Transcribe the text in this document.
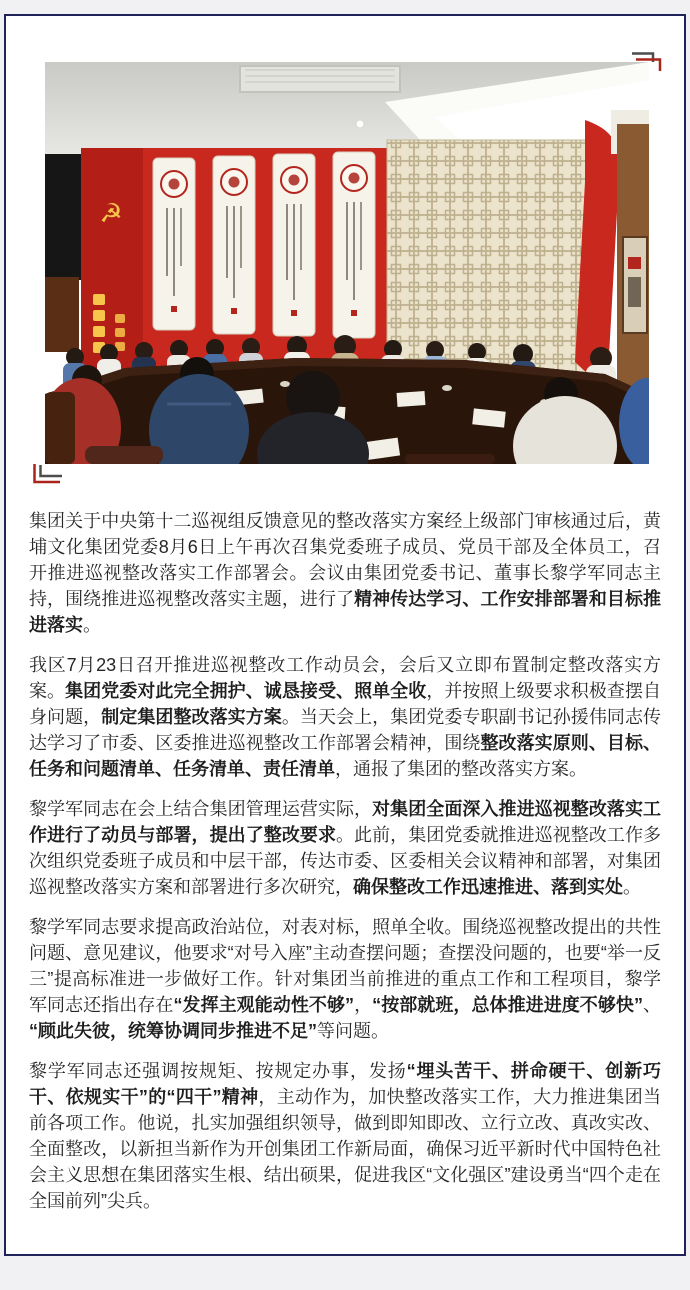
☭

集团关于中央第十二巡视组反馈意见的整改落实方案经上级部门审核通过后，黄埔文化集团党委8月6日上午再次召集党委班子成员、党员干部及全体员工，召开推进巡视整改落实工作部署会。会议由集团党委书记、董事长黎学军同志主持，围绕推进巡视整改落实主题，进行了精神传达学习、工作安排部署和目标推进落实。

我区7月23日召开推进巡视整改工作动员会，会后又立即布置制定整改落实方案。集团党委对此完全拥护、诚恳接受、照单全收，并按照上级要求积极查摆自身问题，制定集团整改落实方案。当天会上，集团党委专职副书记孙援伟同志传达学习了市委、区委推进巡视整改工作部署会精神，围绕整改落实原则、目标、任务和问题清单、任务清单、责任清单，通报了集团的整改落实方案。

黎学军同志在会上结合集团管理运营实际，对集团全面深入推进巡视整改落实工作进行了动员与部署，提出了整改要求。此前，集团党委就推进巡视整改工作多次组织党委班子成员和中层干部，传达市委、区委相关会议精神和部署，对集团巡视整改落实方案和部署进行多次研究，确保整改工作迅速推进、落到实处。

黎学军同志要求提高政治站位，对表对标，照单全收。围绕巡视整改提出的共性问题、意见建议，他要求“对号入座”主动查摆问题；查摆没问题的，也要“举一反三”提高标准进一步做好工作。针对集团当前推进的重点工作和工程项目，黎学军同志还指出存在“发挥主观能动性不够”，“按部就班，总体推进进度不够快”、“顾此失彼，统筹协调同步推进不足”等问题。

黎学军同志还强调按规矩、按规定办事，发扬“埋头苦干、拼命硬干、创新巧干、依规实干”的“四干”精神，主动作为，加快整改落实工作，大力推进集团当前各项工作。他说，扎实加强组织领导，做到即知即改、立行立改、真改实改、全面整改，以新担当新作为开创集团工作新局面，确保习近平新时代中国特色社会主义思想在集团落实生根、结出硕果，促进我区“文化强区”建设勇当“四个走在全国前列”尖兵。
